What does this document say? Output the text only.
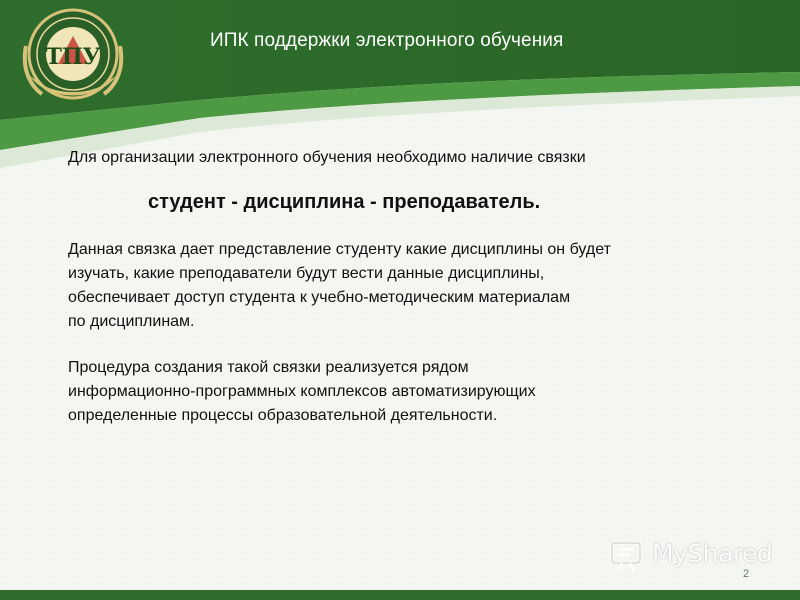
ТПУ
ИПК поддержки электронного обучения

Для организации электронного обучения необходимо наличие связки

студент - дисциплина - преподаватель.

Данная связка дает представление студенту какие дисциплины он будет
изучать, какие преподаватели будут вести данные дисциплины,
обеспечивает доступ студента к учебно-методическим материалам
по дисциплинам.

Процедура создания такой связки реализуется рядом
информационно-программных комплексов автоматизирующих
определенные процессы образовательной деятельности.

MyShared
2
